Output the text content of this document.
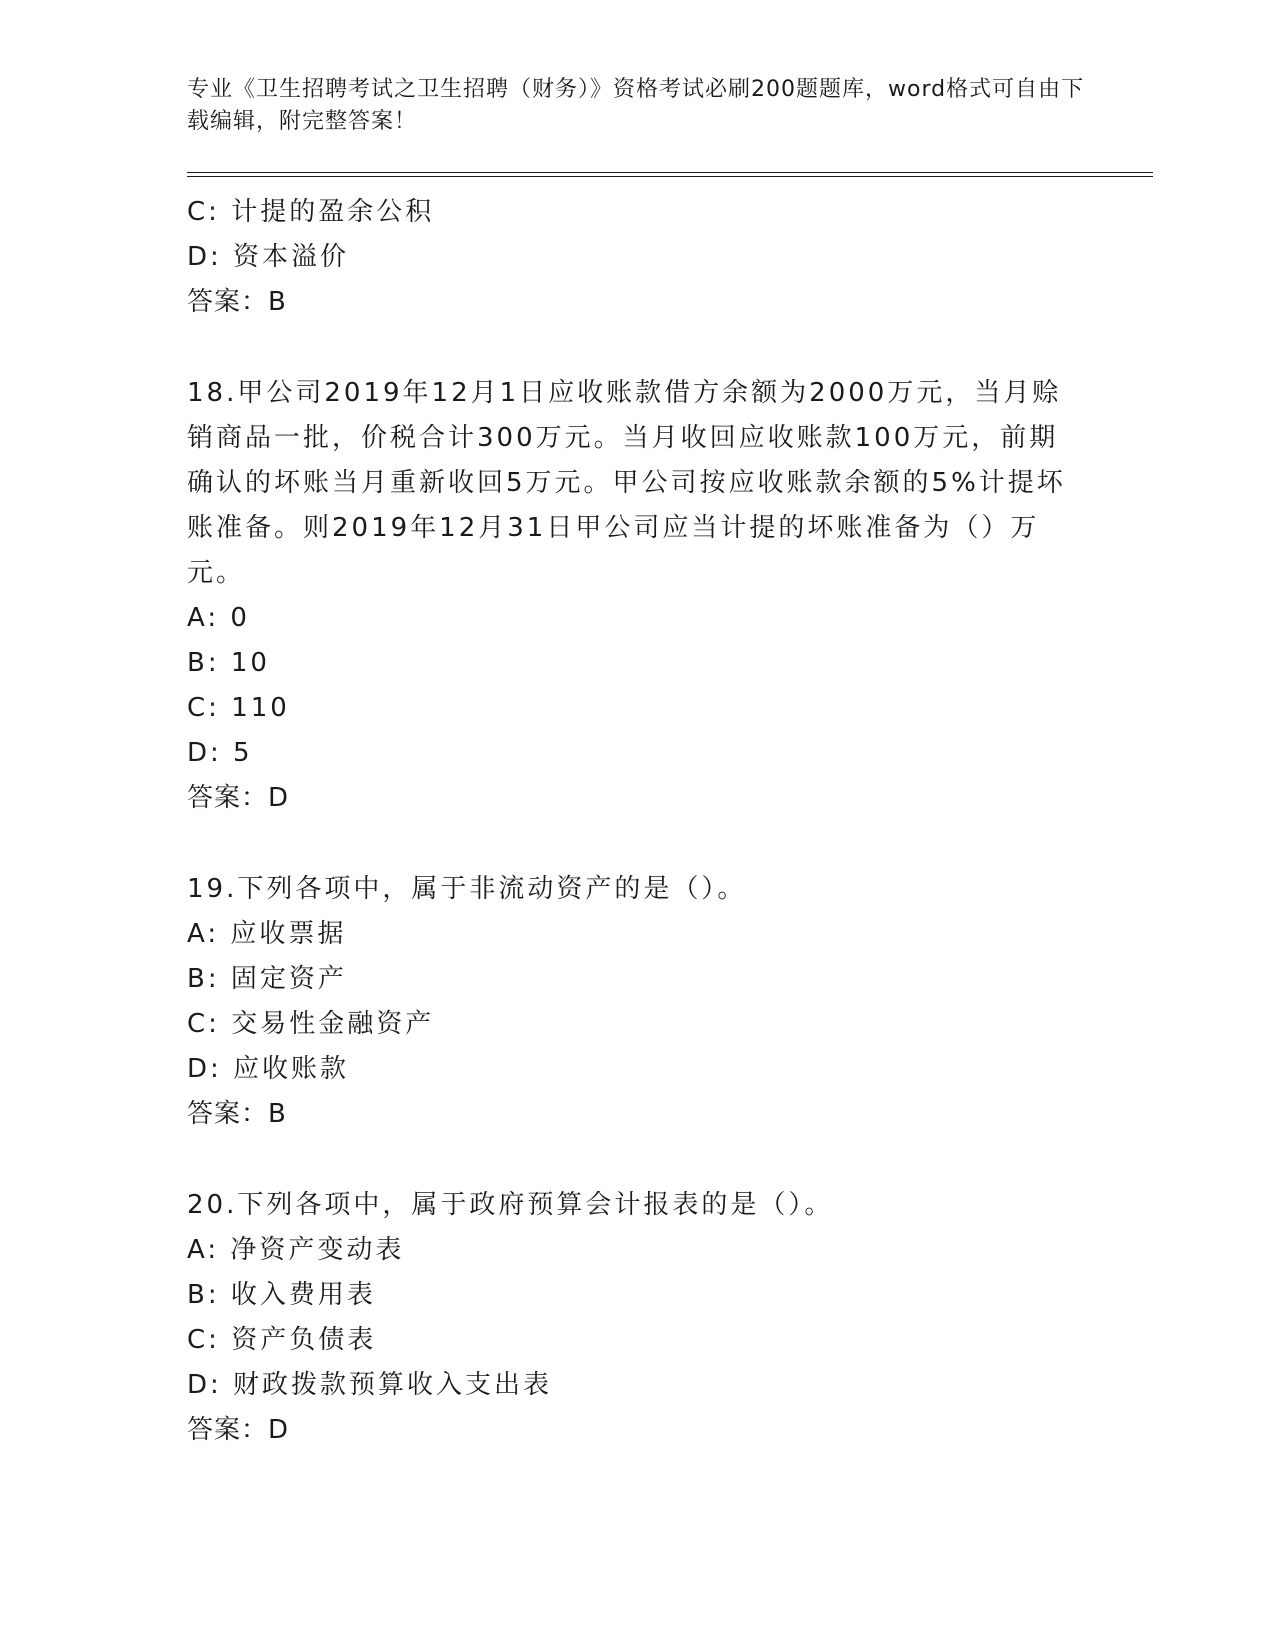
专业《卫生招聘考试之卫生招聘（财务）》资格考试必刷200题题库，word格式可自由下载编辑，附完整答案！
C: 计提的盈余公积
D: 资本溢价
答案：B
18.甲公司2019年12月1日应收账款借方余额为2000万元，当月赊销商品一批，价税合计300万元。当月收回应收账款100万元，前期确认的坏账当月重新收回5万元。甲公司按应收账款余额的5%计提坏账准备。则2019年12月31日甲公司应当计提的坏账准备为（）万元。
A: 0
B: 10
C: 110
D: 5
答案：D
19.下列各项中，属于非流动资产的是（）。
A: 应收票据
B: 固定资产
C: 交易性金融资产
D: 应收账款
答案：B
20.下列各项中，属于政府预算会计报表的是（）。
A: 净资产变动表
B: 收入费用表
C: 资产负债表
D: 财政拨款预算收入支出表
答案：D
